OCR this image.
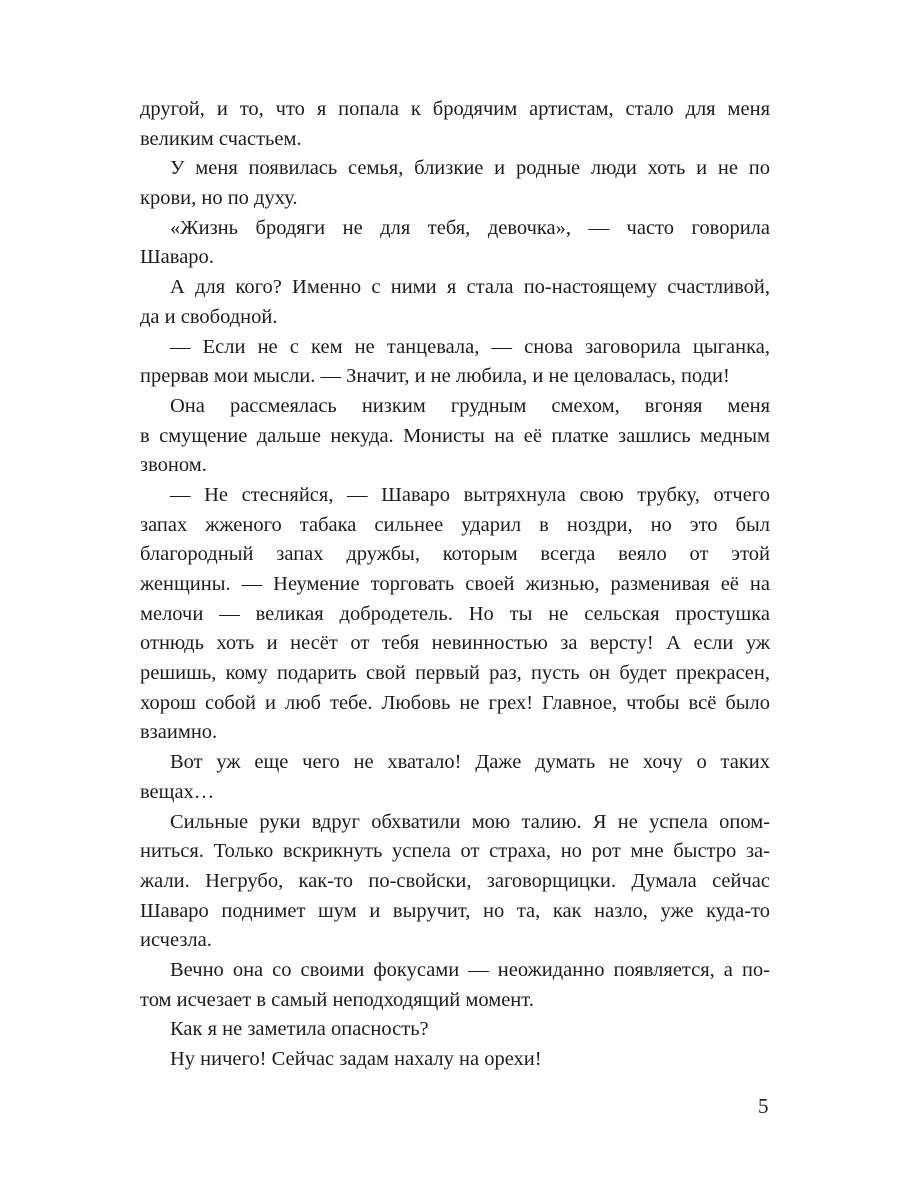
другой, и то, что я попала к бродячим артистам, стало для меня
великим счастьем.
У меня появилась семья, близкие и родные люди хоть и не по
крови, но по духу.
«Жизнь бродяги не для тебя, девочка», — часто говорила
Шаваро.
А для кого? Именно с ними я стала по-настоящему счастливой,
да и свободной.
— Если не с кем не танцевала, — снова заговорила цыганка,
прервав мои мысли. — Значит, и не любила, и не целовалась, поди!
Она рассмеялась низким грудным смехом, вгоняя меня
в смущение дальше некуда. Монисты на её платке зашлись медным
звоном.
— Не стесняйся, — Шаваро вытряхнула свою трубку, отчего
запах жженого табака сильнее ударил в ноздри, но это был
благородный запах дружбы, которым всегда веяло от этой
женщины. — Неумение торговать своей жизнью, разменивая её на
мелочи — великая добродетель. Но ты не сельская простушка
отнюдь хоть и несёт от тебя невинностью за версту! А если уж
решишь, кому подарить свой первый раз, пусть он будет прекрасен,
хорош собой и люб тебе. Любовь не грех! Главное, чтобы всё было
взаимно.
Вот уж еще чего не хватало! Даже думать не хочу о таких
вещах…
Сильные руки вдруг обхватили мою талию. Я не успела опом-
ниться. Только вскрикнуть успела от страха, но рот мне быстро за-
жали. Негрубо, как-то по-свойски, заговорщицки. Думала сейчас
Шаваро поднимет шум и выручит, но та, как назло, уже куда-то
исчезла.
Вечно она со своими фокусами — неожиданно появляется, а по-
том исчезает в самый неподходящий момент.
Как я не заметила опасность?
Ну ничего! Сейчас задам нахалу на орехи!
5
